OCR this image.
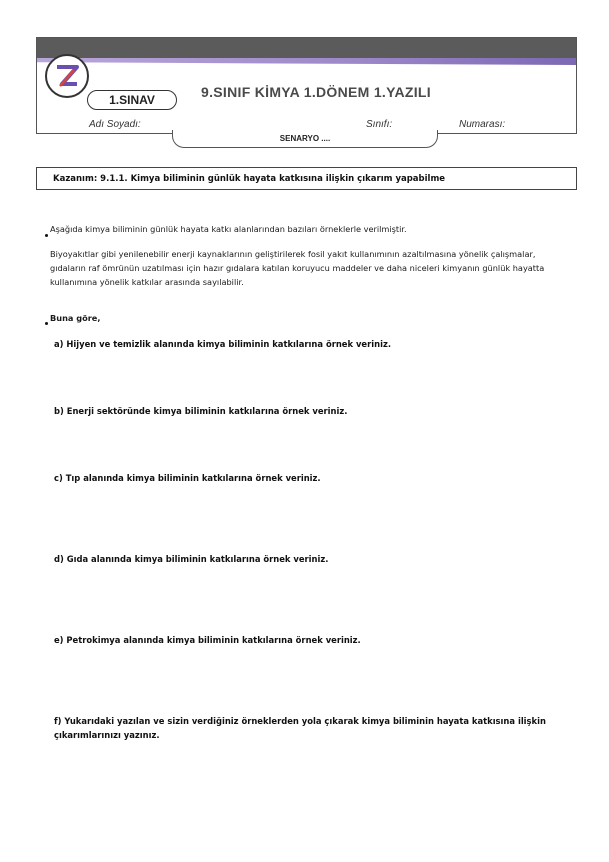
1.SINAV	9.SINIF KİMYA 1.DÖNEM 1.YAZILI
Adı Soyadı:	Sınıfı:	Numarası:
SENARYO ....
Kazanım: 9.1.1. Kimya biliminin günlük hayata katkısına ilişkin çıkarım yapabilme
Aşağıda kimya biliminin günlük hayata katkı alanlarından bazıları örneklerle verilmiştir.
Biyoyakıtlar gibi yenilenebilir enerji kaynaklarının geliştirilerek fosil yakıt kullanımının azaltılmasına yönelik çalışmalar,
gıdaların raf ömrünün uzatılması için hazır gıdalara katılan koruyucu maddeler ve daha niceleri kimyanın günlük hayatta
kullanımına yönelik katkılar arasında sayılabilir.
Buna göre,
a) Hijyen ve temizlik alanında kimya biliminin katkılarına örnek veriniz.
b) Enerji sektöründe kimya biliminin katkılarına örnek veriniz.
c) Tıp alanında kimya biliminin katkılarına örnek veriniz.
d) Gıda alanında kimya biliminin katkılarına örnek veriniz.
e) Petrokimya alanında kimya biliminin katkılarına örnek veriniz.
f) Yukarıdaki yazılan ve sizin verdiğiniz örneklerden yola çıkarak kimya biliminin hayata katkısına ilişkin
çıkarımlarınızı yazınız.
